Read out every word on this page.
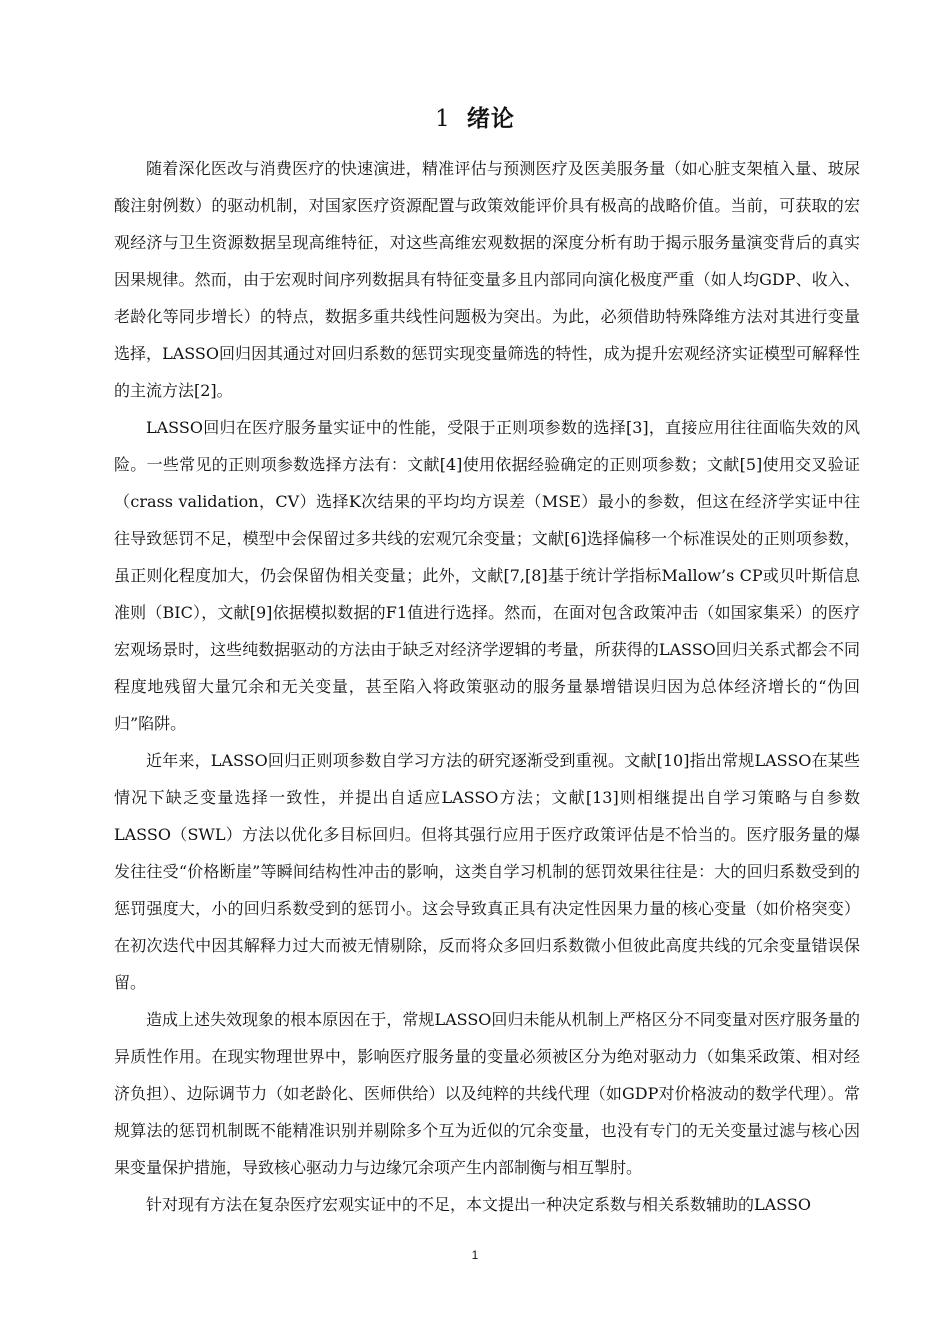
1 绪论

随着深化医改与消费医疗的快速演进，精准评估与预测医疗及医美服务量（如心脏支架植入量、玻尿酸注射例数）的驱动机制，对国家医疗资源配置与政策效能评价具有极高的战略价值。当前，可获取的宏观经济与卫生资源数据呈现高维特征，对这些高维宏观数据的深度分析有助于揭示服务量演变背后的真实因果规律。然而，由于宏观时间序列数据具有特征变量多且内部同向演化极度严重（如人均GDP、收入、老龄化等同步增长）的特点，数据多重共线性问题极为突出。为此，必须借助特殊降维方法对其进行变量选择，LASSO回归因其通过对回归系数的惩罚实现变量筛选的特性，成为提升宏观经济实证模型可解释性的主流方法[2]。

LASSO回归在医疗服务量实证中的性能，受限于正则项参数的选择[3]，直接应用往往面临失效的风险。一些常见的正则项参数选择方法有：文献[4]使用依据经验确定的正则项参数；文献[5]使用交叉验证（crass validation，CV）选择K次结果的平均均方误差（MSE）最小的参数，但这在经济学实证中往往导致惩罚不足，模型中会保留过多共线的宏观冗余变量；文献[6]选择偏移一个标准误处的正则项参数，虽正则化程度加大，仍会保留伪相关变量；此外，文献[7,[8]基于统计学指标Mallow’s CP或贝叶斯信息准则（BIC），文献[9]依据模拟数据的F1值进行选择。然而，在面对包含政策冲击（如国家集采）的医疗宏观场景时，这些纯数据驱动的方法由于缺乏对经济学逻辑的考量，所获得的LASSO回归关系式都会不同程度地残留大量冗余和无关变量，甚至陷入将政策驱动的服务量暴增错误归因为总体经济增长的“伪回归”陷阱。

近年来，LASSO回归正则项参数自学习方法的研究逐渐受到重视。文献[10]指出常规LASSO在某些情况下缺乏变量选择一致性，并提出自适应LASSO方法；文献[13]则相继提出自学习策略与自参数LASSO（SWL）方法以优化多目标回归。但将其强行应用于医疗政策评估是不恰当的。医疗服务量的爆发往往受“价格断崖”等瞬间结构性冲击的影响，这类自学习机制的惩罚效果往往是：大的回归系数受到的惩罚强度大，小的回归系数受到的惩罚小。这会导致真正具有决定性因果力量的核心变量（如价格突变）在初次迭代中因其解释力过大而被无情剔除，反而将众多回归系数微小但彼此高度共线的冗余变量错误保留。

造成上述失效现象的根本原因在于，常规LASSO回归未能从机制上严格区分不同变量对医疗服务量的异质性作用。在现实物理世界中，影响医疗服务量的变量必须被区分为绝对驱动力（如集采政策、相对经济负担）、边际调节力（如老龄化、医师供给）以及纯粹的共线代理（如GDP对价格波动的数学代理）。常规算法的惩罚机制既不能精准识别并剔除多个互为近似的冗余变量，也没有专门的无关变量过滤与核心因果变量保护措施，导致核心驱动力与边缘冗余项产生内部制衡与相互掣肘。

针对现有方法在复杂医疗宏观实证中的不足，本文提出一种决定系数与相关系数辅助的LASSO

1
